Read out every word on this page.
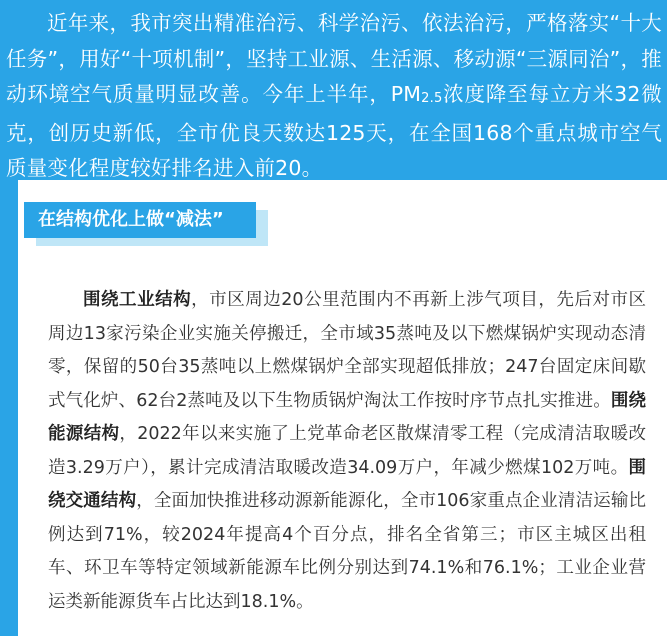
近年来，我市突出精准治污、科学治污、依法治污，严格落实“十大任务”，用好“十项机制”，坚持工业源、生活源、移动源“三源同治”，推动环境空气质量明显改善。今年上半年，$PM_{2.5}$浓度降至每立方米32微克，创历史新低，全市优良天数达125天，在全国168个重点城市空气质量变化程度较好排名进入前20。

在结构优化上做“减法”

围绕工业结构，市区周边20公里范围内不再新上涉气项目，先后对市区周边13家污染企业实施关停搬迁，全市域35蒸吨及以下燃煤锅炉实现动态清零，保留的50台35蒸吨以上燃煤锅炉全部实现超低排放；247台固定床间歇式气化炉、62台2蒸吨及以下生物质锅炉淘汰工作按时序节点扎实推进。围绕能源结构，2022年以来实施了上党革命老区散煤清零工程（完成清洁取暖改造3.29万户），累计完成清洁取暖改造34.09万户，年减少燃煤102万吨。围绕交通结构，全面加快推进移动源新能源化，全市106家重点企业清洁运输比例达到71%，较2024年提高4个百分点，排名全省第三；市区主城区出租车、环卫车等特定领域新能源车比例分别达到74.1%和76.1%；工业企业营运类新能源货车占比达到18.1%。
